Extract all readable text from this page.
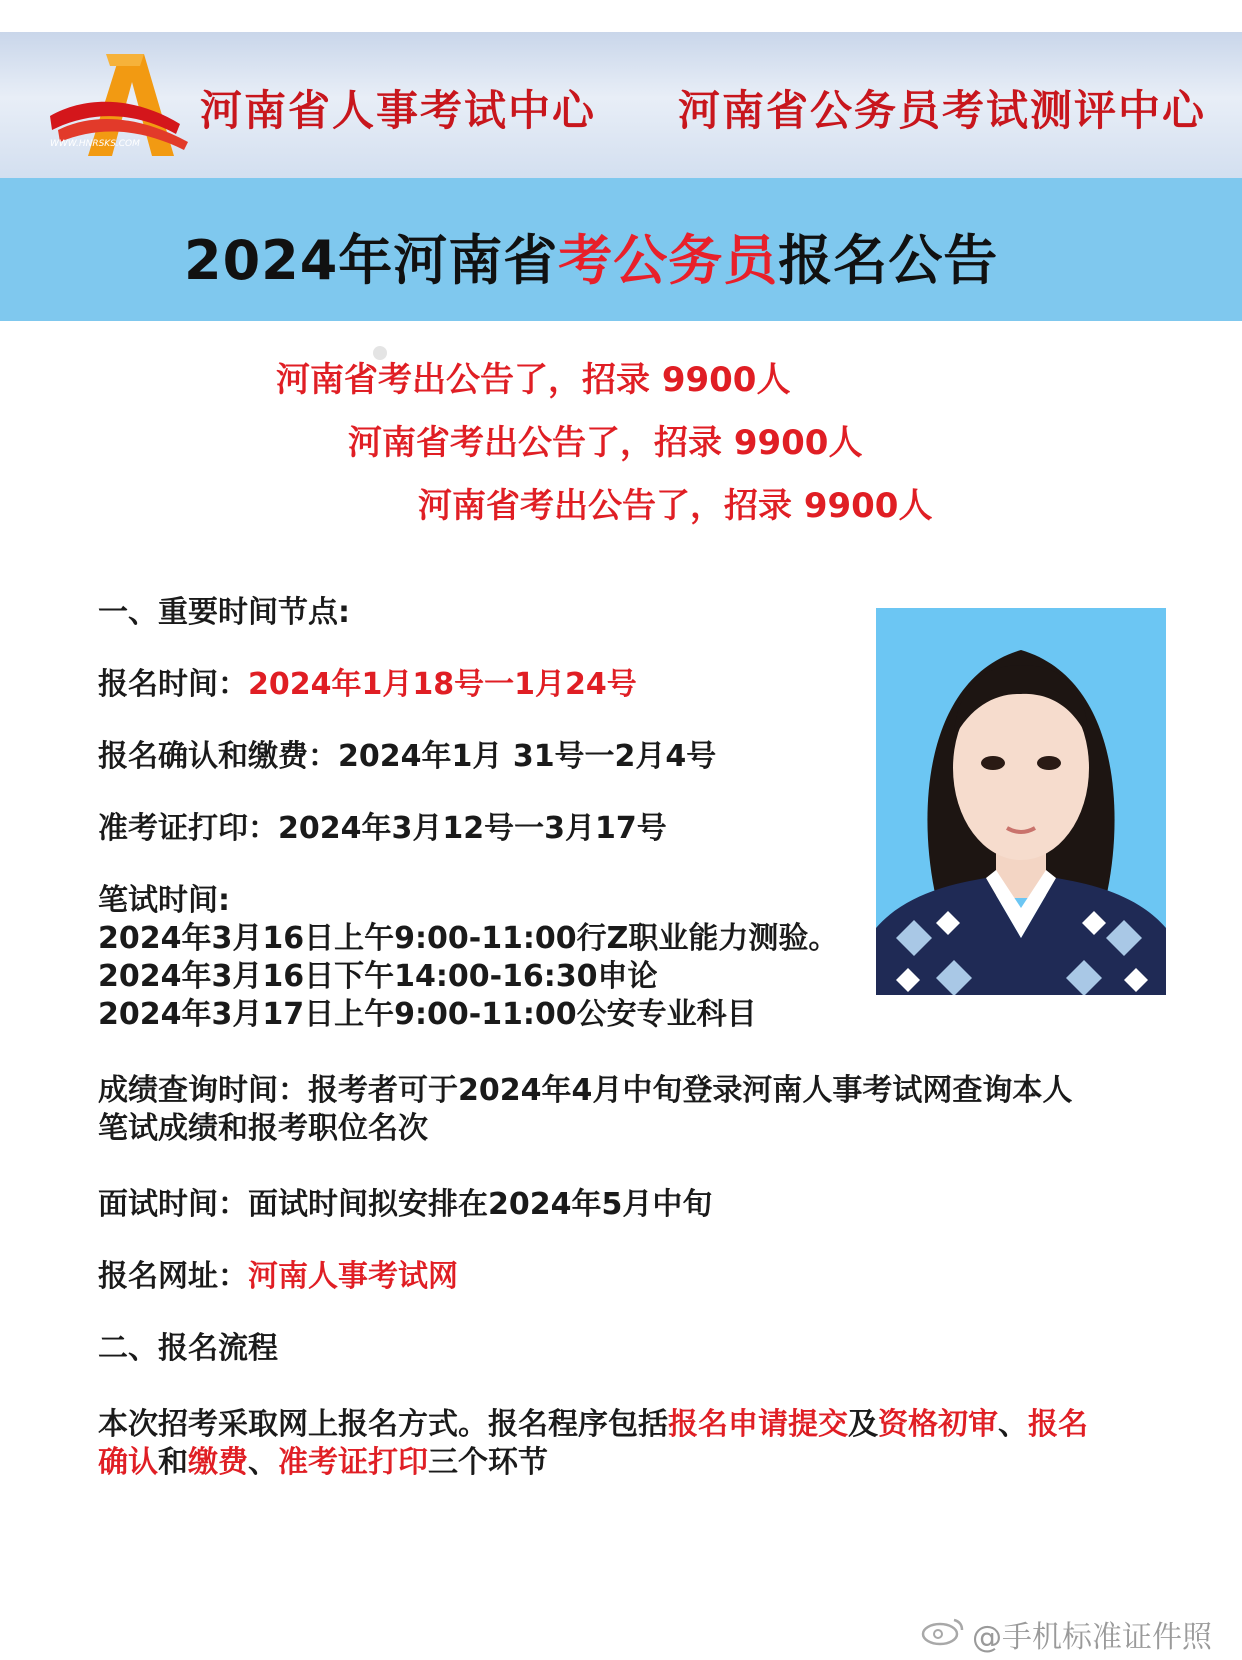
WWW.HNRSKS.COM
河南省人事考试中心 河南省公务员考试测评中心
2024年河南省考公务员报名公告
河南省考出公告了，招录 9900人
河南省考出公告了，招录 9900人
河南省考出公告了，招录 9900人
一、重要时间节点:
报名时间：2024年1月18号一1月24号
报名确认和缴费：2024年1月 31号一2月4号
准考证打印：2024年3月12号一3月17号
笔试时间:
2024年3月16日上午9:00-11:00行Z职业能力测验。
2024年3月16日下午14:00-16:30申论
2024年3月17日上午9:00-11:00公安专业科目
成绩查询时间：报考者可于2024年4月中旬登录河南人事考试网查询本人
笔试成绩和报考职位名次
面试时间：面试时间拟安排在2024年5月中旬
报名网址：河南人事考试网
二、报名流程
本次招考采取网上报名方式。报名程序包括报名申请提交及资格初审、报名
确认和缴费、准考证打印三个环节
@手机标准证件照
